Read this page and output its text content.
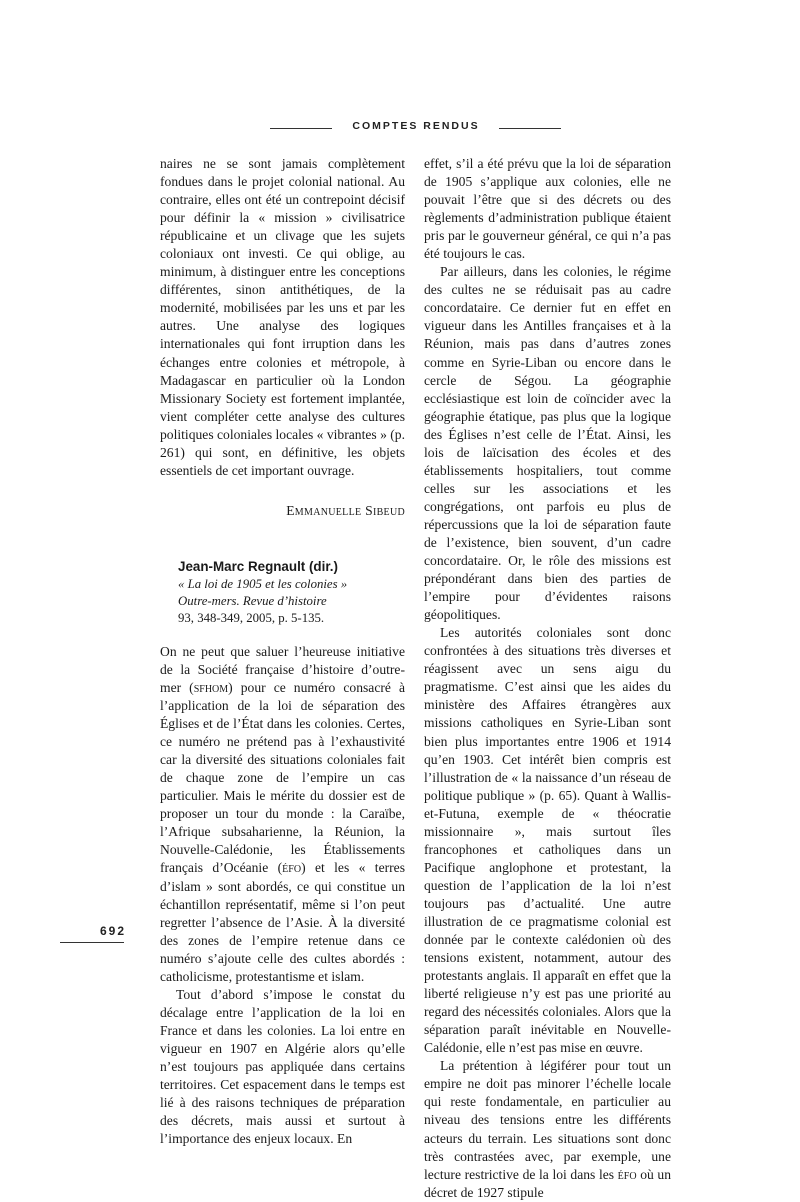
COMPTES RENDUS

naires ne se sont jamais complètement fondues dans le projet colonial national. Au contraire, elles ont été un contrepoint décisif pour définir la « mission » civilisatrice républicaine et un clivage que les sujets coloniaux ont investi. Ce qui oblige, au minimum, à distinguer entre les conceptions différentes, sinon antithétiques, de la modernité, mobilisées par les uns et par les autres. Une analyse des logiques internationales qui font irruption dans les échanges entre colonies et métropole, à Madagascar en particulier où la London Missionary Society est fortement implantée, vient compléter cette analyse des cultures politiques coloniales locales « vibrantes » (p. 261) qui sont, en définitive, les objets essentiels de cet important ouvrage.

Emmanuelle Sibeud

Jean-Marc Regnault (dir.)
« La loi de 1905 et les colonies »
Outre-mers. Revue d’histoire
93, 348-349, 2005, p. 5-135.

On ne peut que saluer l’heureuse initiative de la Société française d’histoire d’outre-mer (sfhom) pour ce numéro consacré à l’application de la loi de séparation des Églises et de l’État dans les colonies. Certes, ce numéro ne prétend pas à l’exhaustivité car la diversité des situations coloniales fait de chaque zone de l’empire un cas particulier. Mais le mérite du dossier est de proposer un tour du monde : la Caraïbe, l’Afrique subsaharienne, la Réunion, la Nouvelle-Calédonie, les Établissements français d’Océanie (éfo) et les « terres d’islam » sont abordés, ce qui constitue un échantillon représentatif, même si l’on peut regretter l’absence de l’Asie. À la diversité des zones de l’empire retenue dans ce numéro s’ajoute celle des cultes abordés : catholicisme, protestantisme et islam.

Tout d’abord s’impose le constat du décalage entre l’application de la loi en France et dans les colonies. La loi entre en vigueur en 1907 en Algérie alors qu’elle n’est toujours pas appliquée dans certains territoires. Cet espacement dans le temps est lié à des raisons techniques de préparation des décrets, mais aussi et surtout à l’importance des enjeux locaux. En

effet, s’il a été prévu que la loi de séparation de 1905 s’applique aux colonies, elle ne pouvait l’être que si des décrets ou des règlements d’administration publique étaient pris par le gouverneur général, ce qui n’a pas été toujours le cas.

Par ailleurs, dans les colonies, le régime des cultes ne se réduisait pas au cadre concordataire. Ce dernier fut en effet en vigueur dans les Antilles françaises et à la Réunion, mais pas dans d’autres zones comme en Syrie-Liban ou encore dans le cercle de Ségou. La géographie ecclésiastique est loin de coïncider avec la géographie étatique, pas plus que la logique des Églises n’est celle de l’État. Ainsi, les lois de laïcisation des écoles et des établissements hospitaliers, tout comme celles sur les associations et les congrégations, ont parfois eu plus de répercussions que la loi de séparation faute de l’existence, bien souvent, d’un cadre concordataire. Or, le rôle des missions est prépondérant dans bien des parties de l’empire pour d’évidentes raisons géopolitiques.

Les autorités coloniales sont donc confrontées à des situations très diverses et réagissent avec un sens aigu du pragmatisme. C’est ainsi que les aides du ministère des Affaires étrangères aux missions catholiques en Syrie-Liban sont bien plus importantes entre 1906 et 1914 qu’en 1903. Cet intérêt bien compris est l’illustration de « la naissance d’un réseau de politique publique » (p. 65). Quant à Wallis-et-Futuna, exemple de « théocratie missionnaire », mais surtout îles francophones et catholiques dans un Pacifique anglophone et protestant, la question de l’application de la loi n’est toujours pas d’actualité. Une autre illustration de ce pragmatisme colonial est donnée par le contexte calédonien où des tensions existent, notamment, autour des protestants anglais. Il apparaît en effet que la liberté religieuse n’y est pas une priorité au regard des nécessités coloniales. Alors que la séparation paraît inévitable en Nouvelle-Calédonie, elle n’est pas mise en œuvre.

La prétention à légiférer pour tout un empire ne doit pas minorer l’échelle locale qui reste fondamentale, en particulier au niveau des tensions entre les différents acteurs du terrain. Les situations sont donc très contrastées avec, par exemple, une lecture restrictive de la loi dans les éfo où un décret de 1927 stipule

692
